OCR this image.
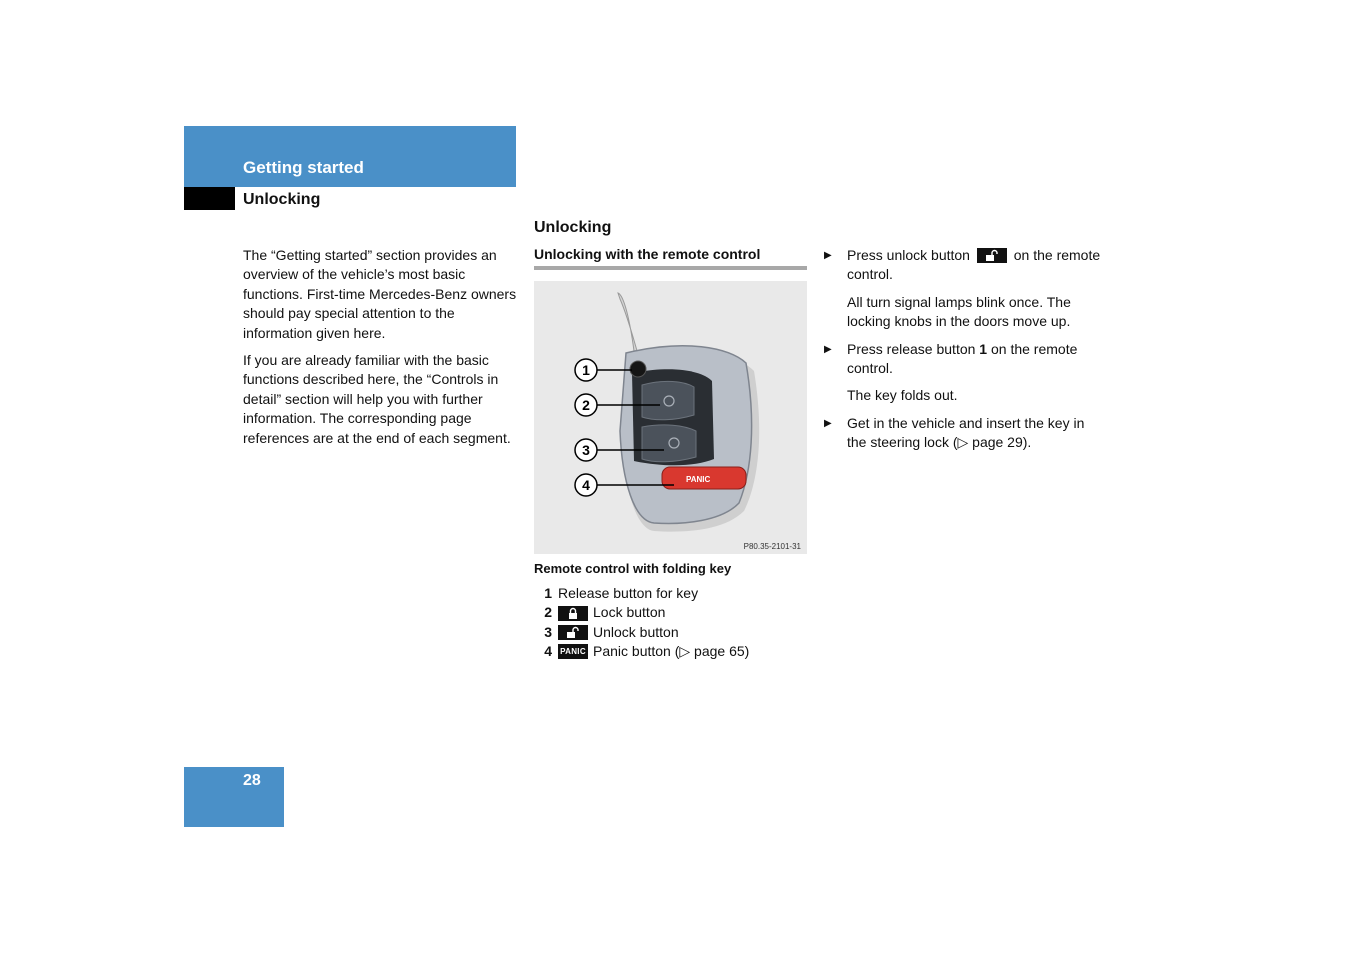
Getting started
Unlocking

The “Getting started” section provides an overview of the vehicle’s most basic functions. First-time Mercedes-Benz owners should pay special attention to the information given here.

If you are already familiar with the basic functions described here, the “Controls in detail” section will help you with further information. The corresponding page references are at the end of each segment.

Unlocking
Unlocking with the remote control
PANIC
1
2
3
4
P80.35-2101-31
Remote control with folding key
1 Release button for key
2	Lock button
3	Unlock button
4 PANIC Panic button (▷ page 65)
▶	Press unlock button	on the remote control.
All turn signal lamps blink once. The locking knobs in the doors move up.
▶	Press release button 1 on the remote control.
The key folds out.
▶	Get in the vehicle and insert the key in the steering lock (▷ page 29).
28
